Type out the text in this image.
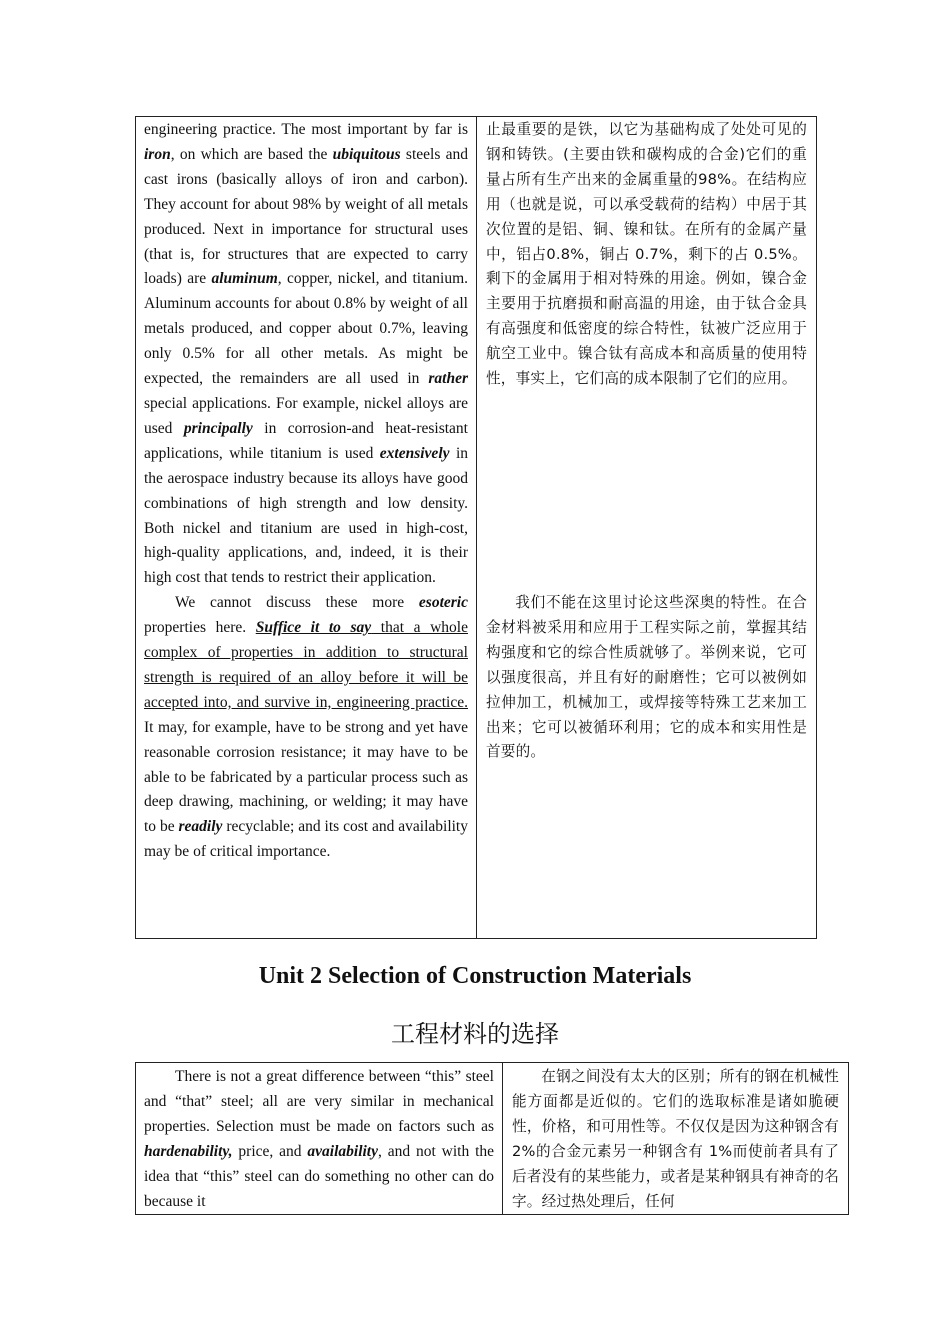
engineering practice. The most important by far is iron, on which are based the ubiquitous steels and cast irons (basically alloys of iron and carbon). They account for about 98% by weight of all metals produced. Next in importance for structural uses (that is, for structures that are expected to carry loads) are aluminum, copper, nickel, and titanium. Aluminum accounts for about 0.8% by weight of all metals produced, and copper about 0.7%, leaving only 0.5% for all other metals. As might be expected, the remainders are all used in rather special applications. For example, nickel alloys are used principally in corrosion-and heat-resistant applications, while titanium is used extensively in the aerospace industry because its alloys have good combinations of high strength and low density. Both nickel and titanium are used in high-cost, high-quality applications, and, indeed, it is their high cost that tends to restrict their application.

We cannot discuss these more esoteric properties here. Suffice it to say that a whole complex of properties in addition to structural strength is required of an alloy before it will be accepted into, and survive in, engineering practice. It may, for example, have to be strong and yet have reasonable corrosion resistance; it may have to be able to be fabricated by a particular process such as deep drawing, machining, or welding; it may have to be readily recyclable; and its cost and availability may be of critical importance.

止最重要的是铁，以它为基础构成了处处可见的钢和铸铁。(主要由铁和碳构成的合金)它们的重量占所有生产出来的金属重量的98%。在结构应用（也就是说，可以承受载荷的结构）中居于其次位置的是铝、铜、镍和钛。在所有的金属产量中，铝占0.8%，铜占 0.7%，剩下的占 0.5%。剩下的金属用于相对特殊的用途。例如，镍合金主要用于抗磨损和耐高温的用途，由于钛合金具有高强度和低密度的综合特性，钛被广泛应用于航空工业中。镍合钛有高成本和高质量的使用特性，事实上，它们高的成本限制了它们的应用。

我们不能在这里讨论这些深奥的特性。在合金材料被采用和应用于工程实际之前，掌握其结构强度和它的综合性质就够了。举例来说，它可以强度很高，并且有好的耐磨性；它可以被例如拉伸加工，机械加工，或焊接等特殊工艺来加工出来；它可以被循环利用；它的成本和实用性是首要的。

Unit 2 Selection of Construction Materials
工程材料的选择

There is not a great difference between “this” steel and “that” steel; all are very similar in mechanical properties. Selection must be made on factors such as hardenability, price, and availability, and not with the idea that “this” steel can do something no other can do because it

在钢之间没有太大的区别；所有的钢在机械性能方面都是近似的。它们的选取标准是诸如脆硬性，价格，和可用性等。不仅仅是因为这种钢含有 2%的合金元素另一种钢含有 1%而使前者具有了后者没有的某些能力，或者是某种钢具有神奇的名字。经过热处理后，任何
